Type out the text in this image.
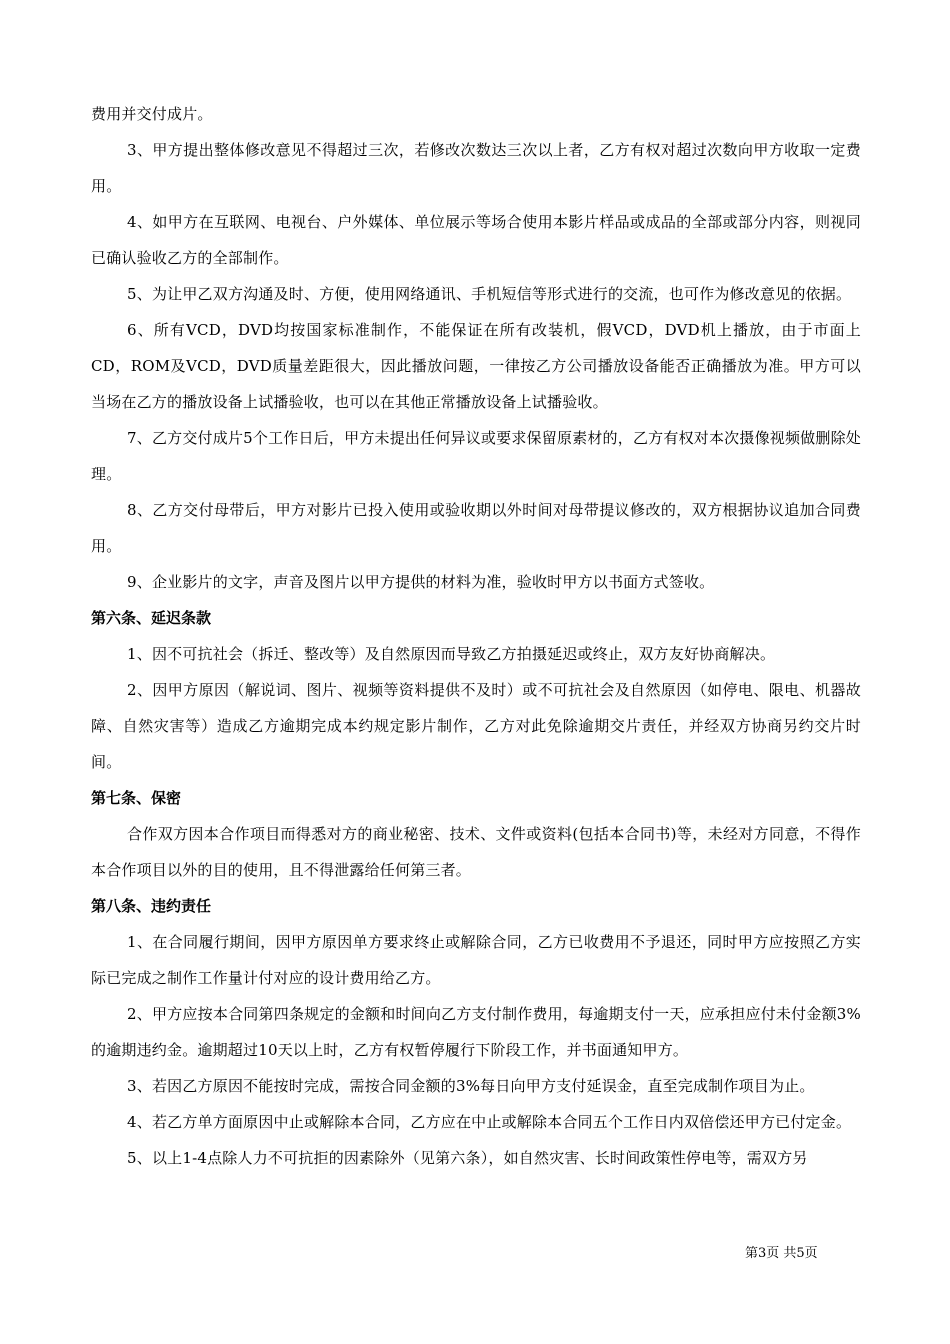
费用并交付成片。

3、甲方提出整体修改意见不得超过三次，若修改次数达三次以上者，乙方有权对超过次数向甲方收取一定费用。

4、如甲方在互联网、电视台、户外媒体、单位展示等场合使用本影片样品或成品的全部或部分内容，则视同已确认验收乙方的全部制作。

5、为让甲乙双方沟通及时、方便，使用网络通讯、手机短信等形式进行的交流，也可作为修改意见的依据。

6、所有VCD，DVD均按国家标准制作，不能保证在所有改装机，假VCD，DVD机上播放，由于市面上CD，ROM及VCD，DVD质量差距很大，因此播放问题，一律按乙方公司播放设备能否正确播放为准。甲方可以当场在乙方的播放设备上试播验收，也可以在其他正常播放设备上试播验收。

7、乙方交付成片5个工作日后，甲方未提出任何异议或要求保留原素材的，乙方有权对本次摄像视频做删除处理。

8、乙方交付母带后，甲方对影片已投入使用或验收期以外时间对母带提议修改的，双方根据协议追加合同费用。

9、企业影片的文字，声音及图片以甲方提供的材料为准，验收时甲方以书面方式签收。

第六条、延迟条款

1、因不可抗社会（拆迁、整改等）及自然原因而导致乙方拍摄延迟或终止，双方友好协商解决。

2、因甲方原因（解说词、图片、视频等资料提供不及时）或不可抗社会及自然原因（如停电、限电、机器故障、自然灾害等）造成乙方逾期完成本约规定影片制作，乙方对此免除逾期交片责任，并经双方协商另约交片时间。

第七条、保密

合作双方因本合作项目而得悉对方的商业秘密、技术、文件或资料(包括本合同书)等，未经对方同意，不得作本合作项目以外的目的使用，且不得泄露给任何第三者。

第八条、违约责任

1、在合同履行期间，因甲方原因单方要求终止或解除合同，乙方已收费用不予退还，同时甲方应按照乙方实际已完成之制作工作量计付对应的设计费用给乙方。

2、甲方应按本合同第四条规定的金额和时间向乙方支付制作费用，每逾期支付一天，应承担应付未付金额3%的逾期违约金。逾期超过10天以上时，乙方有权暂停履行下阶段工作，并书面通知甲方。

3、若因乙方原因不能按时完成，需按合同金额的3%每日向甲方支付延误金，直至完成制作项目为止。

4、若乙方单方面原因中止或解除本合同，乙方应在中止或解除本合同五个工作日内双倍偿还甲方已付定金。

5、以上1-4点除人力不可抗拒的因素除外（见第六条），如自然灾害、长时间政策性停电等，需双方另

第3页 共5页
